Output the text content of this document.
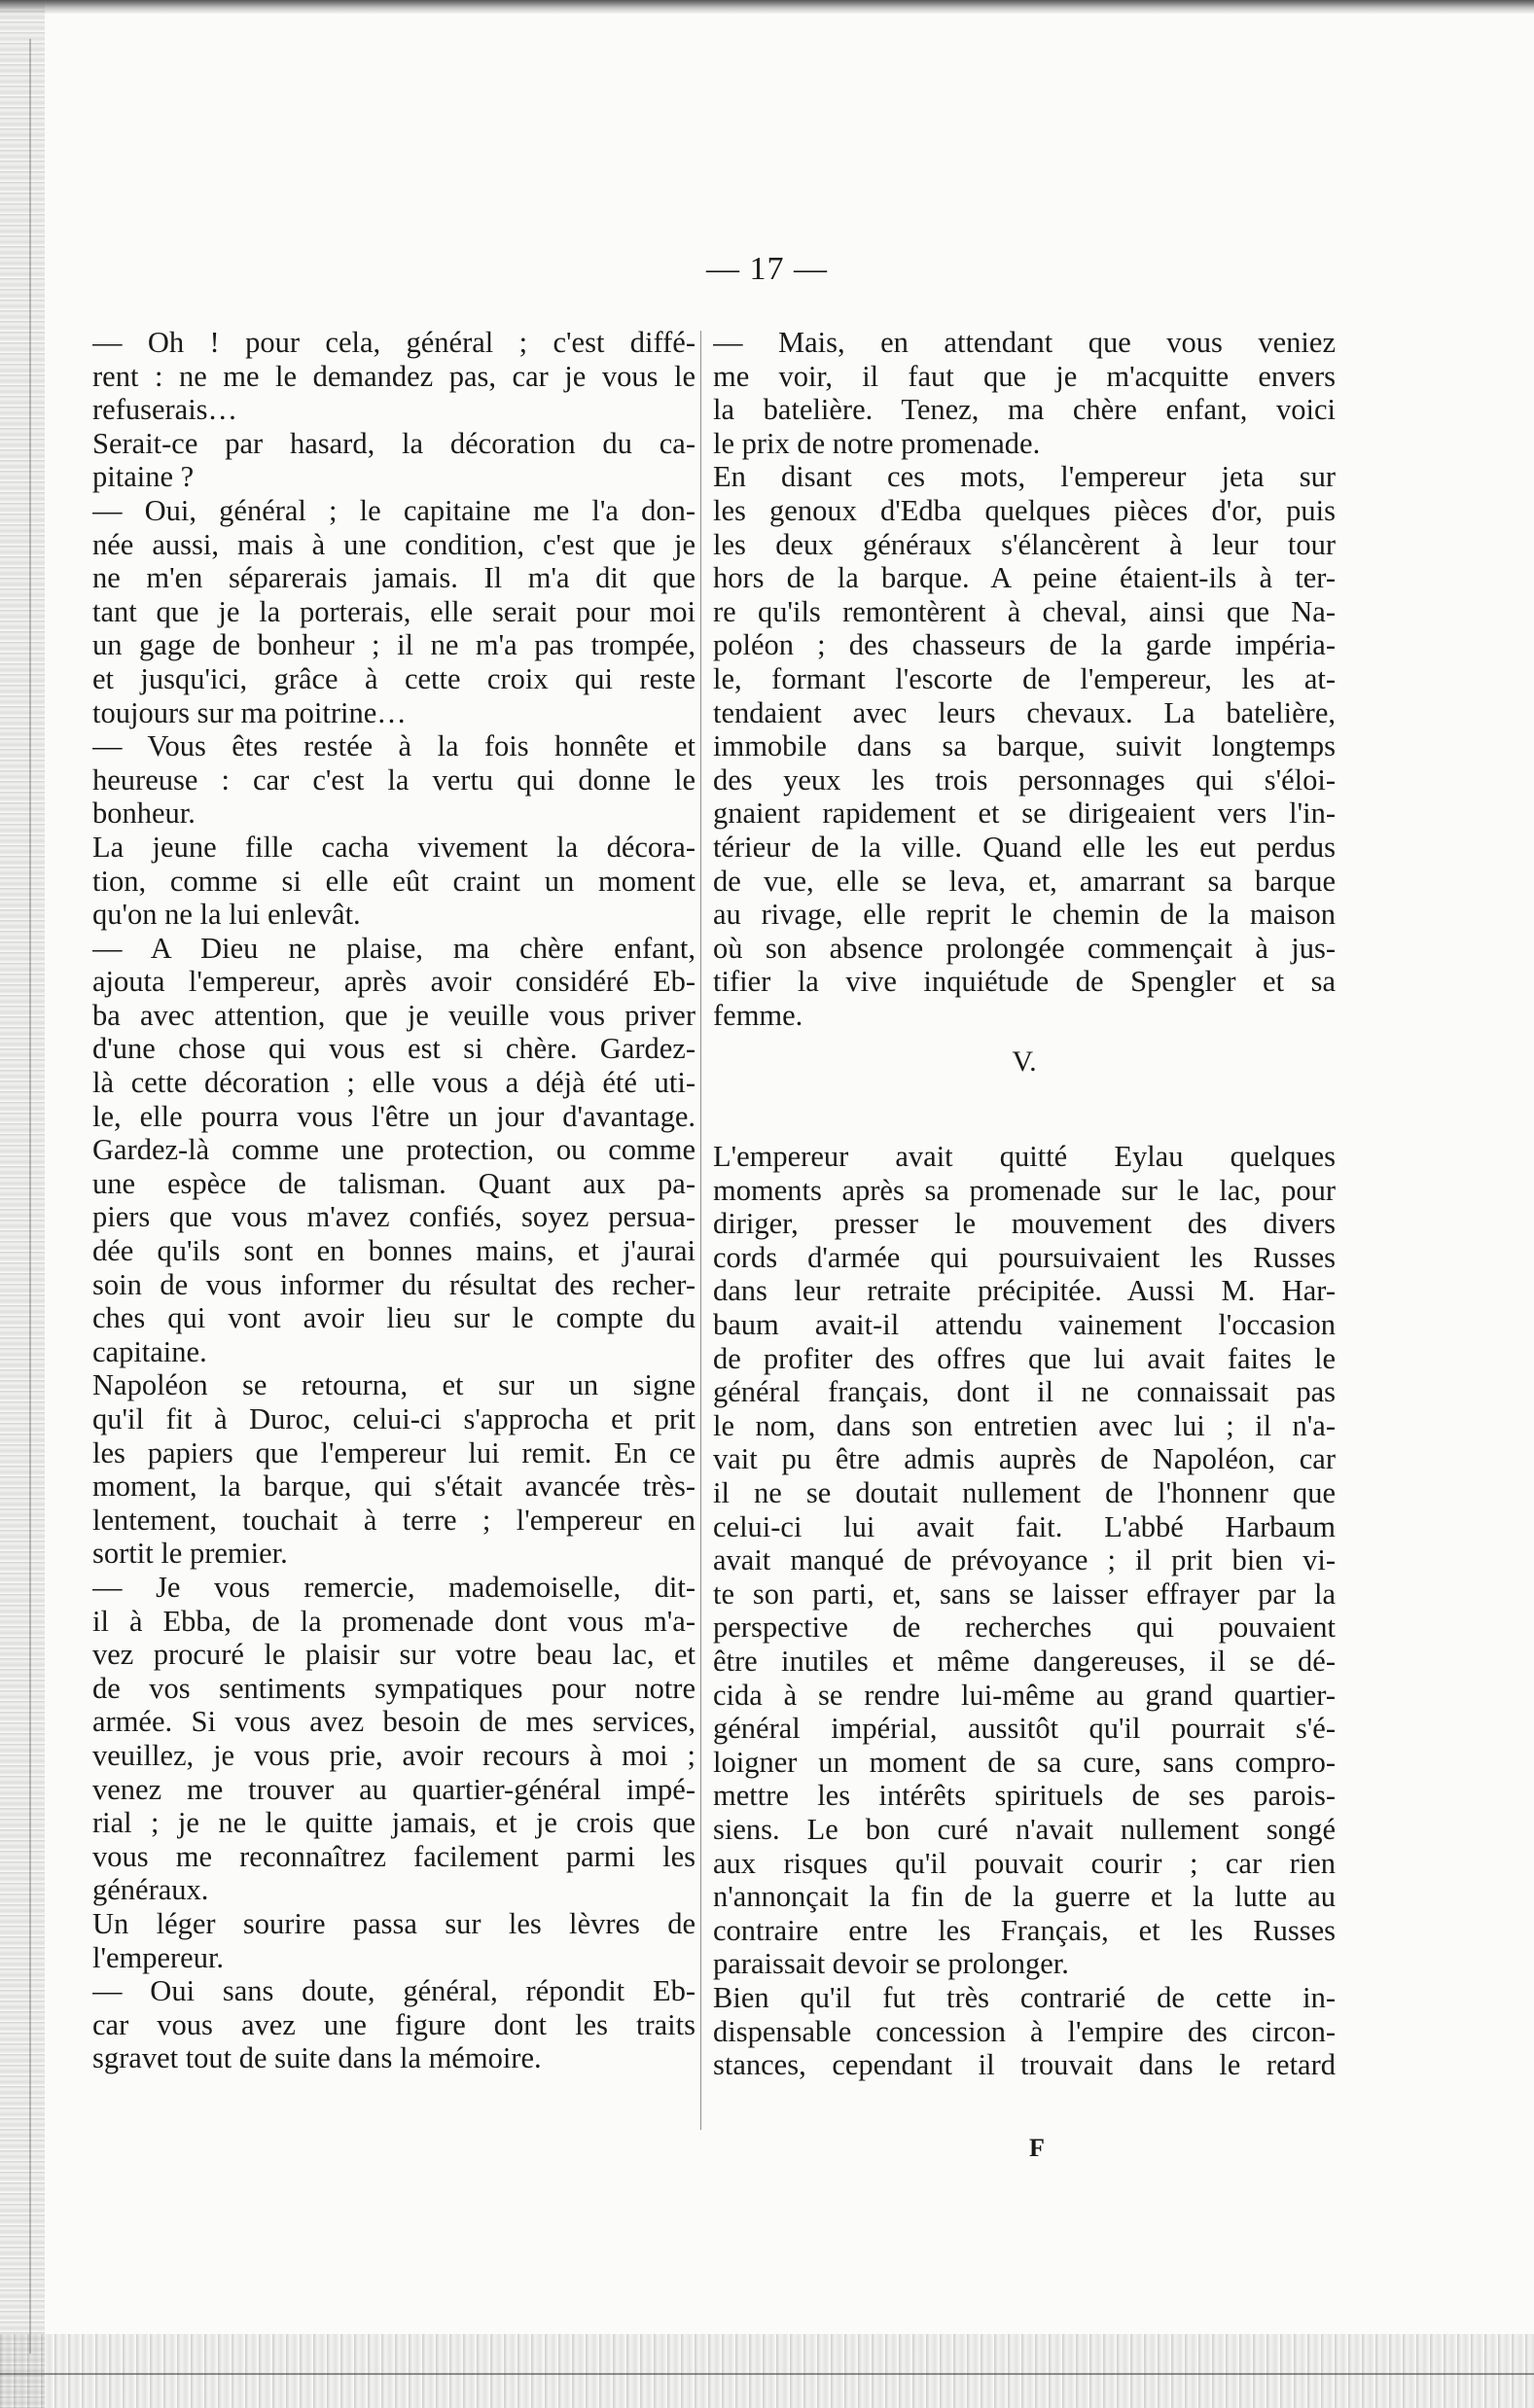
— 17 —
— Oh ! pour cela, général ; c'est diffé-
rent : ne me le demandez pas, car je vous le
refuserais…
Serait-ce par hasard, la décoration du ca-
pitaine ?
— Oui, général ; le capitaine me l'a don-
née aussi, mais à une condition, c'est que je
ne m'en séparerais jamais. Il m'a dit que
tant que je la porterais, elle serait pour moi
un gage de bonheur ; il ne m'a pas trompée,
et jusqu'ici, grâce à cette croix qui reste
toujours sur ma poitrine…
— Vous êtes restée à la fois honnête et
heureuse : car c'est la vertu qui donne le
bonheur.
La jeune fille cacha vivement la décora-
tion, comme si elle eût craint un moment
qu'on ne la lui enlevât.
— A Dieu ne plaise, ma chère enfant,
ajouta l'empereur, après avoir considéré Eb-
ba avec attention, que je veuille vous priver
d'une chose qui vous est si chère. Gardez-
là cette décoration ; elle vous a déjà été uti-
le, elle pourra vous l'être un jour d'avantage.
Gardez-là comme une protection, ou comme
une espèce de talisman. Quant aux pa-
piers que vous m'avez confiés, soyez persua-
dée qu'ils sont en bonnes mains, et j'aurai
soin de vous informer du résultat des recher-
ches qui vont avoir lieu sur le compte du
capitaine.
Napoléon se retourna, et sur un signe
qu'il fit à Duroc, celui-ci s'approcha et prit
les papiers que l'empereur lui remit. En ce
moment, la barque, qui s'était avancée très-
lentement, touchait à terre ; l'empereur en
sortit le premier.
— Je vous remercie, mademoiselle, dit-
il à Ebba, de la promenade dont vous m'a-
vez procuré le plaisir sur votre beau lac, et
de vos sentiments sympatiques pour notre
armée. Si vous avez besoin de mes services,
veuillez, je vous prie, avoir recours à moi ;
venez me trouver au quartier-général impé-
rial ; je ne le quitte jamais, et je crois que
vous me reconnaîtrez facilement parmi les
généraux.
Un léger sourire passa sur les lèvres de
l'empereur.
— Oui sans doute, général, répondit Eb-
car vous avez une figure dont les traits
sgravet tout de suite dans la mémoire.
— Mais, en attendant que vous veniez
me voir, il faut que je m'acquitte envers
la batelière. Tenez, ma chère enfant, voici
le prix de notre promenade.
En disant ces mots, l'empereur jeta sur
les genoux d'Edba quelques pièces d'or, puis
les deux généraux s'élancèrent à leur tour
hors de la barque. A peine étaient-ils à ter-
re qu'ils remontèrent à cheval, ainsi que Na-
poléon ; des chasseurs de la garde impéria-
le, formant l'escorte de l'empereur, les at-
tendaient avec leurs chevaux. La batelière,
immobile dans sa barque, suivit longtemps
des yeux les trois personnages qui s'éloi-
gnaient rapidement et se dirigeaient vers l'in-
térieur de la ville. Quand elle les eut perdus
de vue, elle se leva, et, amarrant sa barque
au rivage, elle reprit le chemin de la maison
où son absence prolongée commençait à jus-
tifier la vive inquiétude de Spengler et sa
femme.
V.
L'empereur avait quitté Eylau quelques
moments après sa promenade sur le lac, pour
diriger, presser le mouvement des divers
cords d'armée qui poursuivaient les Russes
dans leur retraite précipitée. Aussi M. Har-
baum avait-il attendu vainement l'occasion
de profiter des offres que lui avait faites le
général français, dont il ne connaissait pas
le nom, dans son entretien avec lui ; il n'a-
vait pu être admis auprès de Napoléon, car
il ne se doutait nullement de l'honnenr que
celui-ci lui avait fait. L'abbé Harbaum
avait manqué de prévoyance ; il prit bien vi-
te son parti, et, sans se laisser effrayer par la
perspective de recherches qui pouvaient
être inutiles et même dangereuses, il se dé-
cida à se rendre lui-même au grand quartier-
général impérial, aussitôt qu'il pourrait s'é-
loigner un moment de sa cure, sans compro-
mettre les intérêts spirituels de ses parois-
siens. Le bon curé n'avait nullement songé
aux risques qu'il pouvait courir ; car rien
n'annonçait la fin de la guerre et la lutte au
contraire entre les Français, et les Russes
paraissait devoir se prolonger.
Bien qu'il fut très contrarié de cette in-
dispensable concession à l'empire des circon-
stances, cependant il trouvait dans le retard
F
